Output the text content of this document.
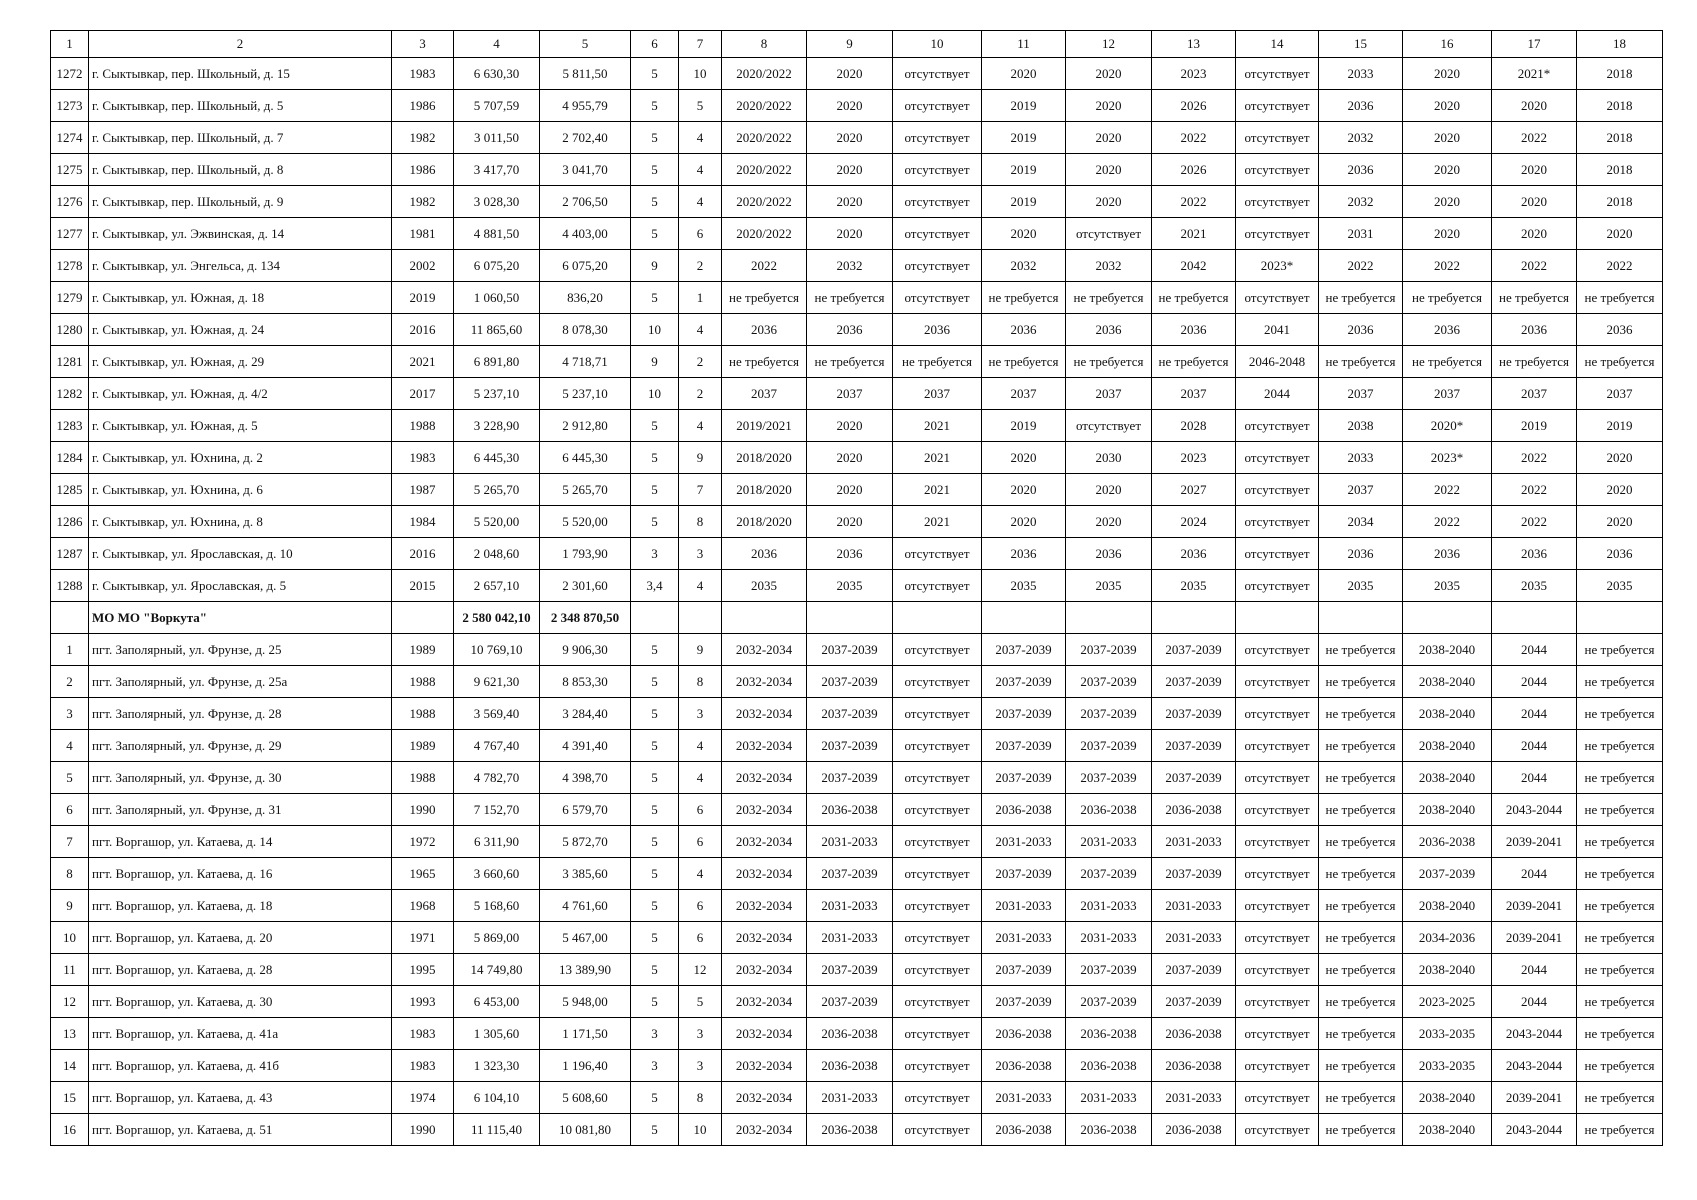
1	2	3	4	5	6	7	8	9	10	11	12	13	14	15	16	17	18
1272	г. Сыктывкар, пер. Школьный, д. 15	1983	6 630,30	5 811,50	5	10	2020/2022	2020	отсутствует	2020	2020	2023	отсутствует	2033	2020	2021*	2018
1273	г. Сыктывкар, пер. Школьный, д. 5	1986	5 707,59	4 955,79	5	5	2020/2022	2020	отсутствует	2019	2020	2026	отсутствует	2036	2020	2020	2018
1274	г. Сыктывкар, пер. Школьный, д. 7	1982	3 011,50	2 702,40	5	4	2020/2022	2020	отсутствует	2019	2020	2022	отсутствует	2032	2020	2022	2018
1275	г. Сыктывкар, пер. Школьный, д. 8	1986	3 417,70	3 041,70	5	4	2020/2022	2020	отсутствует	2019	2020	2026	отсутствует	2036	2020	2020	2018
1276	г. Сыктывкар, пер. Школьный, д. 9	1982	3 028,30	2 706,50	5	4	2020/2022	2020	отсутствует	2019	2020	2022	отсутствует	2032	2020	2020	2018
1277	г. Сыктывкар, ул. Эжвинская, д. 14	1981	4 881,50	4 403,00	5	6	2020/2022	2020	отсутствует	2020	отсутствует	2021	отсутствует	2031	2020	2020	2020
1278	г. Сыктывкар, ул. Энгельса, д. 134	2002	6 075,20	6 075,20	9	2	2022	2032	отсутствует	2032	2032	2042	2023*	2022	2022	2022	2022
1279	г. Сыктывкар, ул. Южная, д. 18	2019	1 060,50	836,20	5	1	не требуется	не требуется	отсутствует	не требуется	не требуется	не требуется	отсутствует	не требуется	не требуется	не требуется	не требуется
1280	г. Сыктывкар, ул. Южная, д. 24	2016	11 865,60	8 078,30	10	4	2036	2036	2036	2036	2036	2036	2041	2036	2036	2036	2036
1281	г. Сыктывкар, ул. Южная, д. 29	2021	6 891,80	4 718,71	9	2	не требуется	не требуется	не требуется	не требуется	не требуется	не требуется	2046-2048	не требуется	не требуется	не требуется	не требуется
1282	г. Сыктывкар, ул. Южная, д. 4/2	2017	5 237,10	5 237,10	10	2	2037	2037	2037	2037	2037	2037	2044	2037	2037	2037	2037
1283	г. Сыктывкар, ул. Южная, д. 5	1988	3 228,90	2 912,80	5	4	2019/2021	2020	2021	2019	отсутствует	2028	отсутствует	2038	2020*	2019	2019
1284	г. Сыктывкар, ул. Юхнина, д. 2	1983	6 445,30	6 445,30	5	9	2018/2020	2020	2021	2020	2030	2023	отсутствует	2033	2023*	2022	2020
1285	г. Сыктывкар, ул. Юхнина, д. 6	1987	5 265,70	5 265,70	5	7	2018/2020	2020	2021	2020	2020	2027	отсутствует	2037	2022	2022	2020
1286	г. Сыктывкар, ул. Юхнина, д. 8	1984	5 520,00	5 520,00	5	8	2018/2020	2020	2021	2020	2020	2024	отсутствует	2034	2022	2022	2020
1287	г. Сыктывкар, ул. Ярославская, д. 10	2016	2 048,60	1 793,90	3	3	2036	2036	отсутствует	2036	2036	2036	отсутствует	2036	2036	2036	2036
1288	г. Сыктывкар, ул. Ярославская, д. 5	2015	2 657,10	2 301,60	3,4	4	2035	2035	отсутствует	2035	2035	2035	отсутствует	2035	2035	2035	2035
	МО МО "Воркута"		2 580 042,10	2 348 870,50													
1	пгт. Заполярный, ул. Фрунзе, д. 25	1989	10 769,10	9 906,30	5	9	2032-2034	2037-2039	отсутствует	2037-2039	2037-2039	2037-2039	отсутствует	не требуется	2038-2040	2044	не требуется
2	пгт. Заполярный, ул. Фрунзе, д. 25а	1988	9 621,30	8 853,30	5	8	2032-2034	2037-2039	отсутствует	2037-2039	2037-2039	2037-2039	отсутствует	не требуется	2038-2040	2044	не требуется
3	пгт. Заполярный, ул. Фрунзе, д. 28	1988	3 569,40	3 284,40	5	3	2032-2034	2037-2039	отсутствует	2037-2039	2037-2039	2037-2039	отсутствует	не требуется	2038-2040	2044	не требуется
4	пгт. Заполярный, ул. Фрунзе, д. 29	1989	4 767,40	4 391,40	5	4	2032-2034	2037-2039	отсутствует	2037-2039	2037-2039	2037-2039	отсутствует	не требуется	2038-2040	2044	не требуется
5	пгт. Заполярный, ул. Фрунзе, д. 30	1988	4 782,70	4 398,70	5	4	2032-2034	2037-2039	отсутствует	2037-2039	2037-2039	2037-2039	отсутствует	не требуется	2038-2040	2044	не требуется
6	пгт. Заполярный, ул. Фрунзе, д. 31	1990	7 152,70	6 579,70	5	6	2032-2034	2036-2038	отсутствует	2036-2038	2036-2038	2036-2038	отсутствует	не требуется	2038-2040	2043-2044	не требуется
7	пгт. Воргашор, ул. Катаева, д. 14	1972	6 311,90	5 872,70	5	6	2032-2034	2031-2033	отсутствует	2031-2033	2031-2033	2031-2033	отсутствует	не требуется	2036-2038	2039-2041	не требуется
8	пгт. Воргашор, ул. Катаева, д. 16	1965	3 660,60	3 385,60	5	4	2032-2034	2037-2039	отсутствует	2037-2039	2037-2039	2037-2039	отсутствует	не требуется	2037-2039	2044	не требуется
9	пгт. Воргашор, ул. Катаева, д. 18	1968	5 168,60	4 761,60	5	6	2032-2034	2031-2033	отсутствует	2031-2033	2031-2033	2031-2033	отсутствует	не требуется	2038-2040	2039-2041	не требуется
10	пгт. Воргашор, ул. Катаева, д. 20	1971	5 869,00	5 467,00	5	6	2032-2034	2031-2033	отсутствует	2031-2033	2031-2033	2031-2033	отсутствует	не требуется	2034-2036	2039-2041	не требуется
11	пгт. Воргашор, ул. Катаева, д. 28	1995	14 749,80	13 389,90	5	12	2032-2034	2037-2039	отсутствует	2037-2039	2037-2039	2037-2039	отсутствует	не требуется	2038-2040	2044	не требуется
12	пгт. Воргашор, ул. Катаева, д. 30	1993	6 453,00	5 948,00	5	5	2032-2034	2037-2039	отсутствует	2037-2039	2037-2039	2037-2039	отсутствует	не требуется	2023-2025	2044	не требуется
13	пгт. Воргашор, ул. Катаева, д. 41а	1983	1 305,60	1 171,50	3	3	2032-2034	2036-2038	отсутствует	2036-2038	2036-2038	2036-2038	отсутствует	не требуется	2033-2035	2043-2044	не требуется
14	пгт. Воргашор, ул. Катаева, д. 41б	1983	1 323,30	1 196,40	3	3	2032-2034	2036-2038	отсутствует	2036-2038	2036-2038	2036-2038	отсутствует	не требуется	2033-2035	2043-2044	не требуется
15	пгт. Воргашор, ул. Катаева, д. 43	1974	6 104,10	5 608,60	5	8	2032-2034	2031-2033	отсутствует	2031-2033	2031-2033	2031-2033	отсутствует	не требуется	2038-2040	2039-2041	не требуется
16	пгт. Воргашор, ул. Катаева, д. 51	1990	11 115,40	10 081,80	5	10	2032-2034	2036-2038	отсутствует	2036-2038	2036-2038	2036-2038	отсутствует	не требуется	2038-2040	2043-2044	не требуется
